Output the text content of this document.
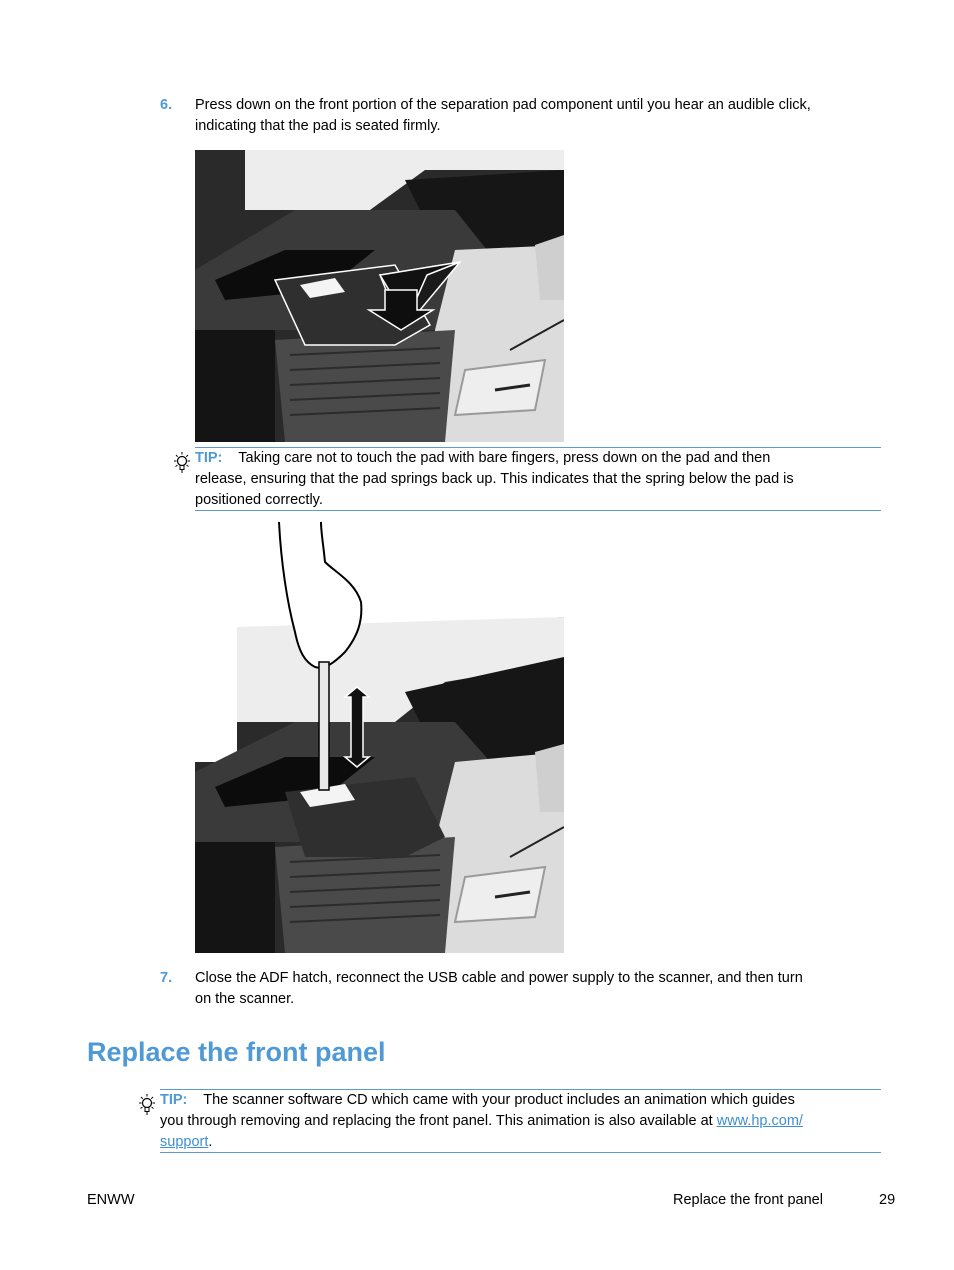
6. Press down on the front portion of the separation pad component until you hear an audible click,
indicating that the pad is seated firmly.
TIP: Taking care not to touch the pad with bare fingers, press down on the pad and then
release, ensuring that the pad springs back up. This indicates that the spring below the pad is
positioned correctly.
7. Close the ADF hatch, reconnect the USB cable and power supply to the scanner, and then turn
on the scanner.
Replace the front panel
TIP: The scanner software CD which came with your product includes an animation which guides
you through removing and replacing the front panel. This animation is also available at www.hp.com/
support.
ENWW	Replace the front panel	29
